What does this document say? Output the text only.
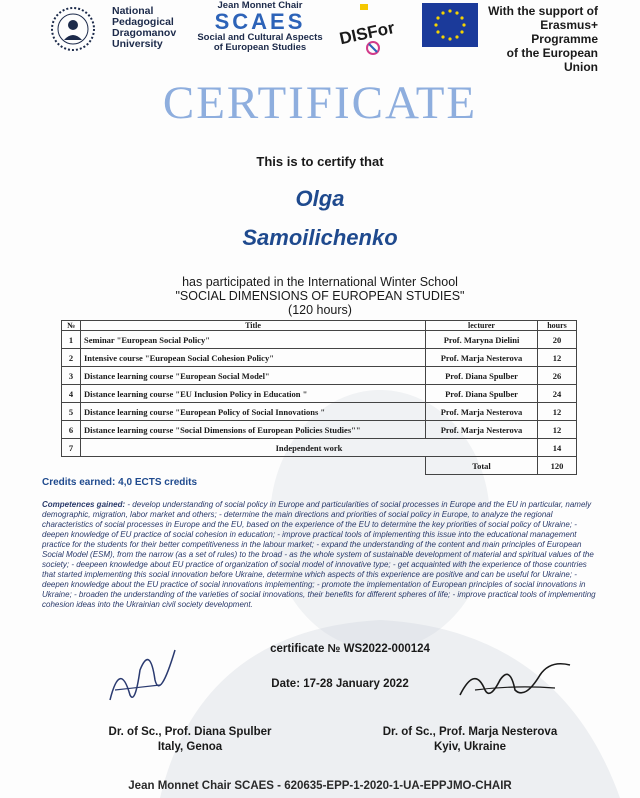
National
Pedagogical
Dragomanov
University
Jean Monnet Chair
SCAES
Social and Cultural Aspects
of European Studies	DISFor
With the support of
Erasmus+ Programme
of the European Union
CERTIFICATE
This is to certify that
Olga
Samoilichenko
has participated in the International Winter School
"SOCIAL DIMENSIONS OF EUROPEAN STUDIES"
(120 hours)
№	Title	lecturer	hours
1	Seminar "European Social Policy"	Prof. Maryna Dielini	20
2	Intensive course "European Social Cohesion Policy"	Prof. Marja Nesterova	12
3	Distance learning course "European Social Model"	Prof. Diana Spulber	26
4	Distance learning course "EU Inclusion Policy in Education "	Prof. Diana Spulber	24
5	Distance learning course "European Policy of Social Innovations "	Prof. Marja Nesterova	12
6	Distance learning course "Social Dimensions of European Policies Studies""	Prof. Marja Nesterova	12
7	Independent work		14
		Total	120
Credits earned: 4,0 ECTS credits
Competences gained: - develop understanding of social policy in Europe and particularities of social processes in Europe and the EU in particular, namely demographic, migration, labor market and others; - determine the main directions and priorities of social policy in Europe, to analyze the regional characteristics of social processes in Europe and the EU, based on the experience of the EU to determine the key priorities of social policy of Ukraine; - deepen knowledge of EU practice of social cohesion in education; - improve practical tools of implementing this issue into the educational management practice for the students for their better competitiveness in the labour market; - expand the understanding of the content and main principles of European Social Model (ESM), from the narrow (as a set of rules) to the broad - as the whole system of sustainable development of material and spiritual values of the society; - deepeen knowledge about EU practice of organization of social model of innovative type; - get acquainted with the experience of those countries that started implementing this social innovation before Ukraine, determine which aspects of this experience are positive and can be useful for Ukraine; - deepen knowledge about the EU practice of social innovations implementing; - promote the implementation of European principles of social innovations in Ukraine; - broaden the understanding of the varieties of social innovations, their benefits for different spheres of life; - improve practical tools of implementing cohesion ideas into the Ukrainian civil society development.
certificate № WS2022-000124
Date: 17-28 January 2022
Dr. of Sc., Prof. Diana Spulber
Italy, Genoa
Dr. of Sc., Prof. Marja Nesterova
Kyiv, Ukraine
Jean Monnet Chair SCAES - 620635-EPP-1-2020-1-UA-EPPJMO-CHAIR
